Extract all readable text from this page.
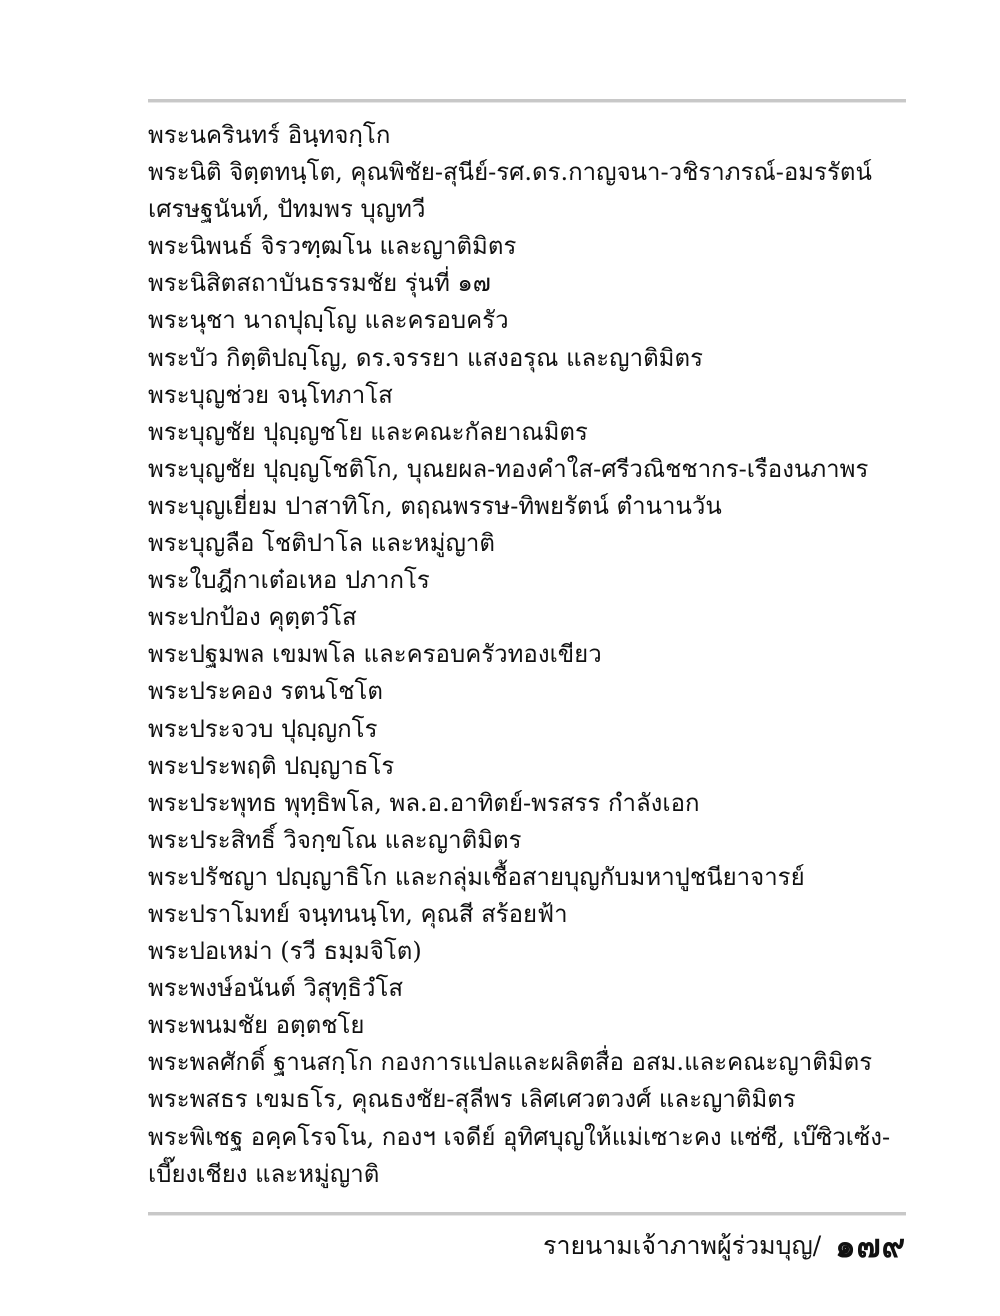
พระนครินทร์ อินฺทจกฺโก
พระนิติ จิตฺตทนฺโต, คุณพิชัย-สุนีย์-รศ.ดร.กาญจนา-วชิราภรณ์-อมรรัตน์
เศรษฐนันท์, ปัทมพร บุญทวี
พระนิพนธ์ จิรวฑฺฒโน และญาติมิตร
พระนิสิตสถาบันธรรมชัย รุ่นที่ ๑๗
พระนุชา นาถปุญฺโญ และครอบครัว
พระบัว กิตฺติปญฺโญ, ดร.จรรยา แสงอรุณ และญาติมิตร
พระบุญช่วย จนฺโทภาโส
พระบุญชัย ปุญฺญชโย และคณะกัลยาณมิตร
พระบุญชัย ปุญฺญโชติโก, บุณยผล-ทองคำใส-ศรีวณิชชากร-เรืองนภาพร
พระบุญเยี่ยม ปาสาทิโก, ตฤณพรรษ-ทิพยรัตน์ ตำนานวัน
พระบุญลือ โชติปาโล และหมู่ญาติ
พระใบฎีกาเต๋อเหอ ปภากโร
พระปกป้อง คุตฺตวํโส
พระปฐมพล เขมพโล และครอบครัวทองเขียว
พระประคอง รตนโชโต
พระประจวบ ปุญฺญกโร
พระประพฤติ ปญฺญาธโร
พระประพุทธ พุทฺธิพโล, พล.อ.อาทิตย์-พรสรร กำลังเอก
พระประสิทธิ์ วิจกฺขโณ และญาติมิตร
พระปรัชญา ปญฺญาธิโก และกลุ่มเชื้อสายบุญกับมหาปูชนียาจารย์
พระปราโมทย์ จนฺทนนฺโท, คุณสี สร้อยฟ้า
พระปอเหม่า (รวี ธมฺมจิโต)
พระพงษ์อนันต์ วิสุทฺธิวํโส
พระพนมชัย อตฺตชโย
พระพลศักดิ์ ฐานสกฺโก กองการแปลและผลิตสื่อ อสม.และคณะญาติมิตร
พระพสธร เขมธโร, คุณธงชัย-สุลีพร เลิศเศวตวงศ์ และญาติมิตร
พระพิเชฐ อคฺคโรจโน, กองฯ เจดีย์ อุทิศบุญให้แม่เซาะคง แซ่ซี, เบ๊ซิวเซ้ง-
เบี๊ยงเชียง และหมู่ญาติ
รายนามเจ้าภาพผู้ร่วมบุญ/ ๑๗๙
